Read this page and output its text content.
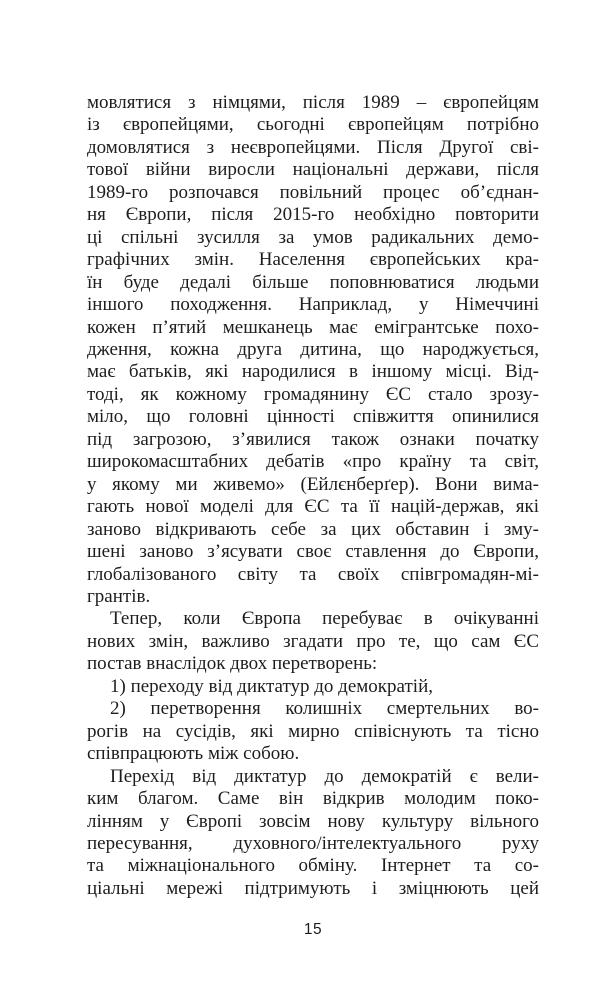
мовлятися з німцями, після 1989 – європейцям
із європейцями, сьогодні європейцям потрібно
домовлятися з неєвропейцями. Після Другої сві-
тової війни виросли національні держави, після
1989-го розпочався повільний процес об’єднан-
ня Європи, після 2015-го необхідно повторити
ці спільні зусилля за умов радикальних демо-
графічних змін. Населення європейських кра-
їн буде дедалі більше поповнюватися людьми
іншого походження. Наприклад, у Німеччині
кожен п’ятий мешканець має емігрантське похо-
дження, кожна друга дитина, що народжується,
має батьків, які народилися в іншому місці. Від-
тоді, як кожному громадянину ЄС стало зрозу-
міло, що головні цінності співжиття опинилися
під загрозою, з’явилися також ознаки початку
широкомасштабних дебатів «про країну та світ,
у якому ми живемо» (Ейлєнберґер). Вони вима-
гають нової моделі для ЄС та її націй-держав, які
заново відкривають себе за цих обставин і зму-
шені заново з’ясувати своє ставлення до Європи,
глобалізованого світу та своїх співгромадян-мі-
грантів.
Тепер, коли Європа перебуває в очікуванні
нових змін, важливо згадати про те, що сам ЄС
постав внаслідок двох перетворень:
1) переходу від диктатур до демократій,
2) перетворення колишніх смертельних во-
рогів на сусідів, які мирно співіснують та тісно
співпрацюють між собою.
Перехід від диктатур до демократій є вели-
ким благом. Саме він відкрив молодим поко-
лінням у Європі зовсім нову культуру вільного
пересування, духовного/інтелектуального руху
та міжнаціонального обміну. Інтернет та со-
ціальні мережі підтримують і зміцнюють цей
15
